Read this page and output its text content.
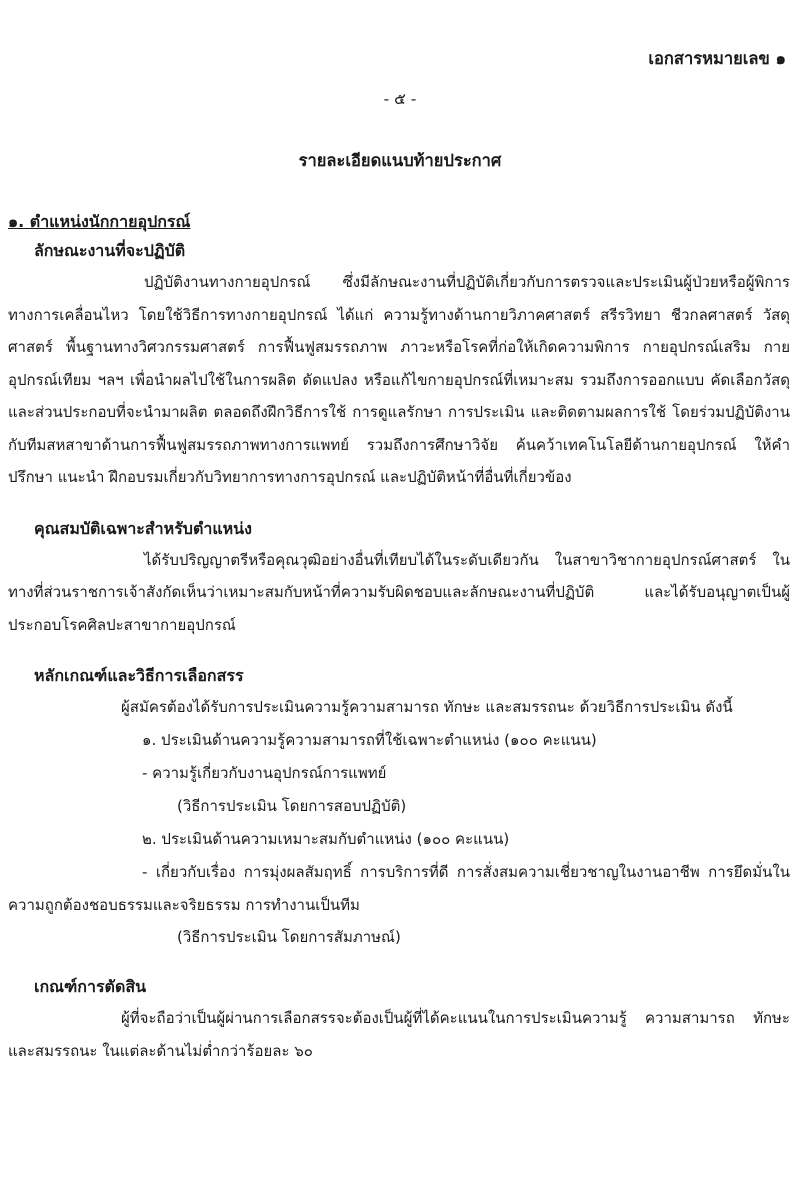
เอกสารหมายเลข ๑
- ๕ -
รายละเอียดแนบท้ายประกาศ

๑. ตำแหน่งนักกายอุปกรณ์

ลักษณะงานที่จะปฏิบัติ

ปฏิบัติงานทางกายอุปกรณ์ ซึ่งมีลักษณะงานที่ปฏิบัติเกี่ยวกับการตรวจและประเมินผู้ป่วยหรือผู้พิการทางการเคลื่อนไหว โดยใช้วิธีการทางกายอุปกรณ์ ได้แก่ ความรู้ทางด้านกายวิภาคศาสตร์ สรีรวิทยา ชีวกลศาสตร์ วัสดุศาสตร์ พื้นฐานทางวิศวกรรมศาสตร์ การฟื้นฟูสมรรถภาพ ภาวะหรือโรคที่ก่อให้เกิดความพิการ กายอุปกรณ์เสริม กายอุปกรณ์เทียม ฯลฯ เพื่อนำผลไปใช้ในการผลิต ดัดแปลง หรือแก้ไขกายอุปกรณ์ที่เหมาะสม รวมถึงการออกแบบ คัดเลือกวัสดุ และส่วนประกอบที่จะนำมาผลิต ตลอดถึงฝึกวิธีการใช้ การดูแลรักษา การประเมิน และติดตามผลการใช้ โดยร่วมปฏิบัติงานกับทีมสหสาขาด้านการฟื้นฟูสมรรถภาพทางการแพทย์ รวมถึงการศึกษาวิจัย ค้นคว้าเทคโนโลยีด้านกายอุปกรณ์ ให้คำปรึกษา แนะนำ ฝึกอบรมเกี่ยวกับวิทยาการทางการอุปกรณ์ และปฏิบัติหน้าที่อื่นที่เกี่ยวข้อง

คุณสมบัติเฉพาะสำหรับตำแหน่ง

ได้รับปริญญาตรีหรือคุณวุฒิอย่างอื่นที่เทียบได้ในระดับเดียวกัน ในสาขาวิชากายอุปกรณ์ศาสตร์ ในทางที่ส่วนราชการเจ้าสังกัดเห็นว่าเหมาะสมกับหน้าที่ความรับผิดชอบและลักษณะงานที่ปฏิบัติ และได้รับอนุญาตเป็นผู้ประกอบโรคศิลปะสาขากายอุปกรณ์

หลักเกณฑ์และวิธีการเลือกสรร

ผู้สมัครต้องได้รับการประเมินความรู้ความสามารถ ทักษะ และสมรรถนะ ด้วยวิธีการประเมิน ดังนี้

๑. ประเมินด้านความรู้ความสามารถที่ใช้เฉพาะตำแหน่ง (๑๐๐ คะแนน)

- ความรู้เกี่ยวกับงานอุปกรณ์การแพทย์

(วิธีการประเมิน โดยการสอบปฏิบัติ)

๒. ประเมินด้านความเหมาะสมกับตำแหน่ง (๑๐๐ คะแนน)

- เกี่ยวกับเรื่อง การมุ่งผลสัมฤทธิ์ การบริการที่ดี การสั่งสมความเชี่ยวชาญในงานอาชีพ การยึดมั่นในความถูกต้องชอบธรรมและจริยธรรม การทำงานเป็นทีม

(วิธีการประเมิน โดยการสัมภาษณ์)

เกณฑ์การตัดสิน

ผู้ที่จะถือว่าเป็นผู้ผ่านการเลือกสรรจะต้องเป็นผู้ที่ได้คะแนนในการประเมินความรู้ ความสามารถ ทักษะ และสมรรถนะ ในแต่ละด้านไม่ต่ำกว่าร้อยละ ๖๐
